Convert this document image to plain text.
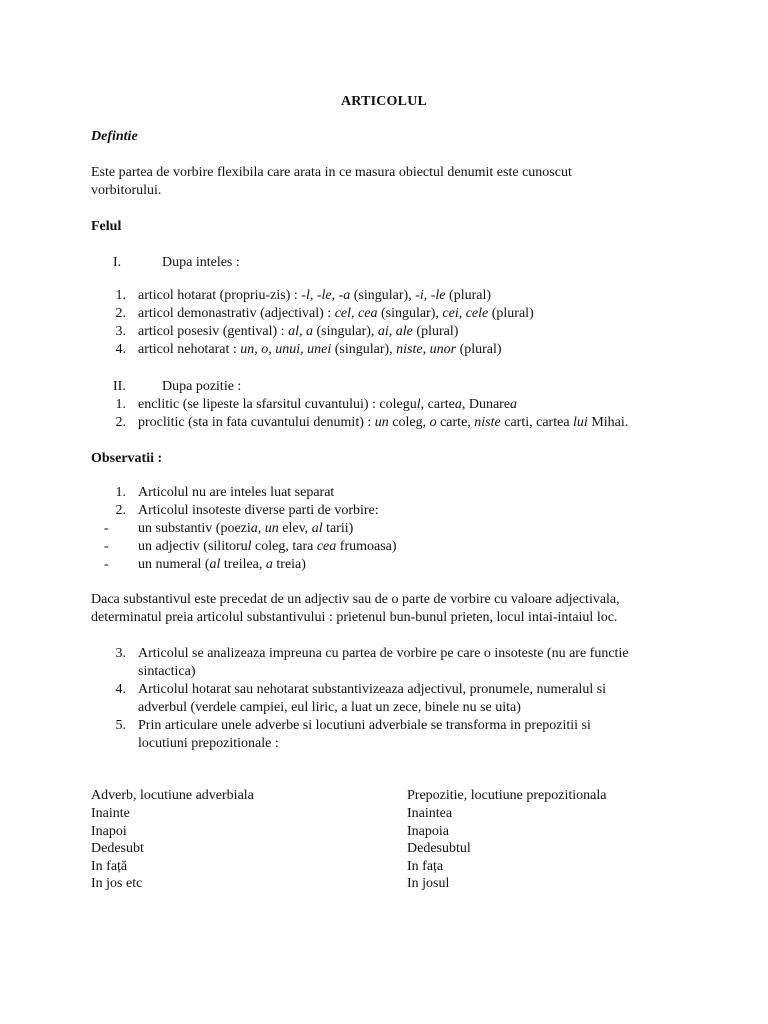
ARTICOLUL
Defintie
Este partea de vorbire flexibila care arata in ce masura obiectul denumit este cunoscut
vorbitorului.
Felul
I.	Dupa inteles :
1. articol hotarat (propriu-zis) : -l, -le, -a (singular), -i, -le (plural)
2. articol demonastrativ (adjectival) : cel, cea (singular), cei, cele (plural)
3. articol posesiv (gentival) : al, a (singular), ai, ale (plural)
4. articol nehotarat : un, o, unui, unei (singular), niste, unor (plural)
II.	Dupa pozitie :
1. enclitic (se lipeste la sfarsitul cuvantului) : colegul, cartea, Dunarea
2. proclitic (sta in fata cuvantului denumit) : un coleg, o carte, niste carti, cartea lui Mihai.
Observatii :
1. Articolul nu are inteles luat separat
2. Articolul insoteste diverse parti de vorbire:
-	un substantiv (poezia, un elev, al tarii)
-	un adjectiv (silitorul coleg, tara cea frumoasa)
-	un numeral (al treilea, a treia)
Daca substantivul este precedat de un adjectiv sau de o parte de vorbire cu valoare adjectivala,
determinatul preia articolul substantivului : prietenul bun-bunul prieten, locul intai-intaiul loc.
3. Articolul se analizeaza impreuna cu partea de vorbire pe care o insoteste (nu are functie
sintactica)
4. Articolul hotarat sau nehotarat substantivizeaza adjectivul, pronumele, numeralul si
adverbul (verdele campiei, eul liric, a luat un zece, binele nu se uita)
5. Prin articulare unele adverbe si locutiuni adverbiale se transforma in prepozitii si
locutiuni prepozitionale :
Adverb, locutiune adverbiala	Prepozitie, locutiune prepozitionala
Inainte	Inaintea
Inapoi	Inapoia
Dedesubt	Dedesubtul
In față	In fața
In jos etc	In josul
